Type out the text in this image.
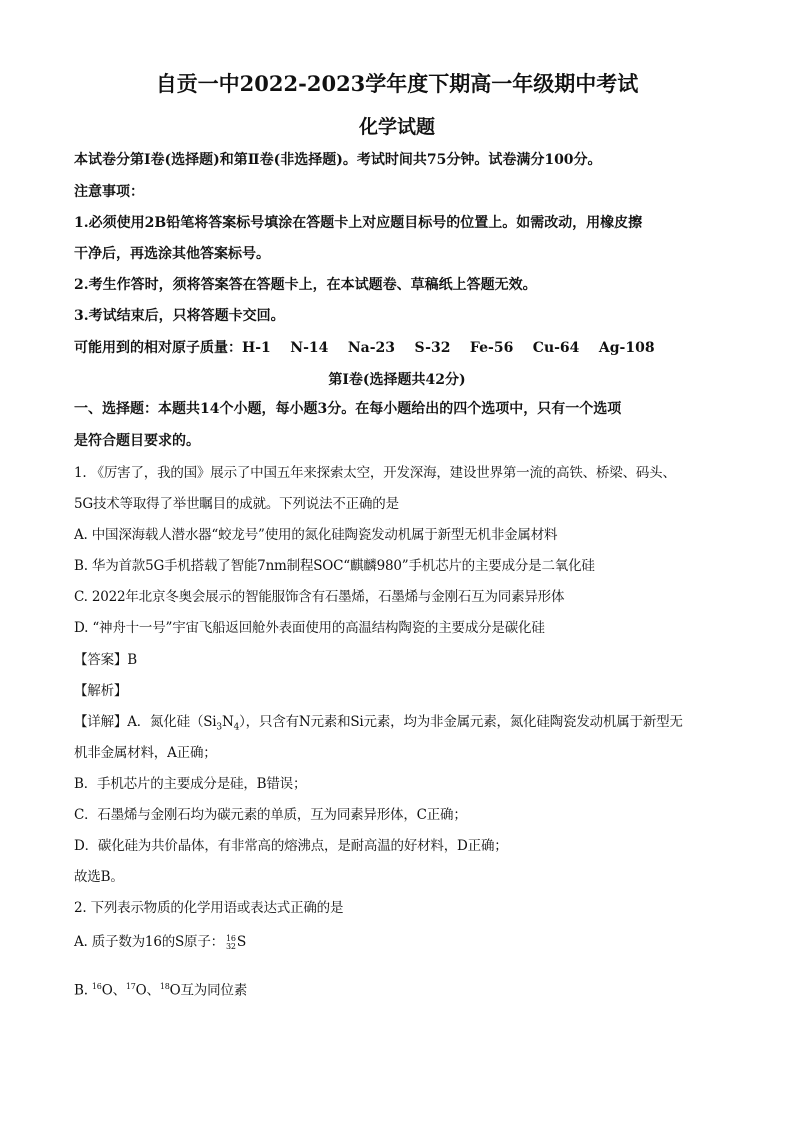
自贡一中2022-2023学年度下期高一年级期中考试
化学试题
本试卷分第Ⅰ卷(选择题)和第Ⅱ卷(非选择题)。考试时间共75分钟。试卷满分100分。
注意事项：
1.必须使用2B铅笔将答案标号填涂在答题卡上对应题目标号的位置上。如需改动，用橡皮擦
干净后，再选涂其他答案标号。
2.考生作答时，须将答案答在答题卡上，在本试题卷、草稿纸上答题无效。
3.考试结束后，只将答题卡交回。
可能用到的相对原子质量：H-1    N-14    Na-23    S-32    Fe-56    Cu-64    Ag-108
第Ⅰ卷(选择题共42分)
一、选择题：本题共14个小题，每小题3分。在每小题给出的四个选项中，只有一个选项
是符合题目要求的。
1. 《厉害了，我的国》展示了中国五年来探索太空，开发深海，建设世界第一流的高铁、桥梁、码头、
5G技术等取得了举世瞩目的成就。下列说法不正确的是
A. 中国深海载人潜水器“蛟龙号”使用的氮化硅陶瓷发动机属于新型无机非金属材料
B. 华为首款5G手机搭载了智能7nm制程SOC“麒麟980”手机芯片的主要成分是二氧化硅
C. 2022年北京冬奥会展示的智能服饰含有石墨烯，石墨烯与金刚石互为同素异形体
D. “神舟十一号”宇宙飞船返回舱外表面使用的高温结构陶瓷的主要成分是碳化硅
【答案】B
【解析】
【详解】A．氮化硅$(Si_3N_4)$，只含有N元素和Si元素，均为非金属元素，氮化硅陶瓷发动机属于新型无
机非金属材料，A正确；
B．手机芯片的主要成分是硅，B错误；
C．石墨烯与金刚石均为碳元素的单质，互为同素异形体，C正确；
D．碳化硅为共价晶体，有非常高的熔沸点，是耐高温的好材料，D正确；
故选B。
2. 下列表示物质的化学用语或表达式正确的是
A. 质子数为16的S原子： 16
32 S
B. $^{16}$O、$^{17}$O、$^{18}$O互为同位素
